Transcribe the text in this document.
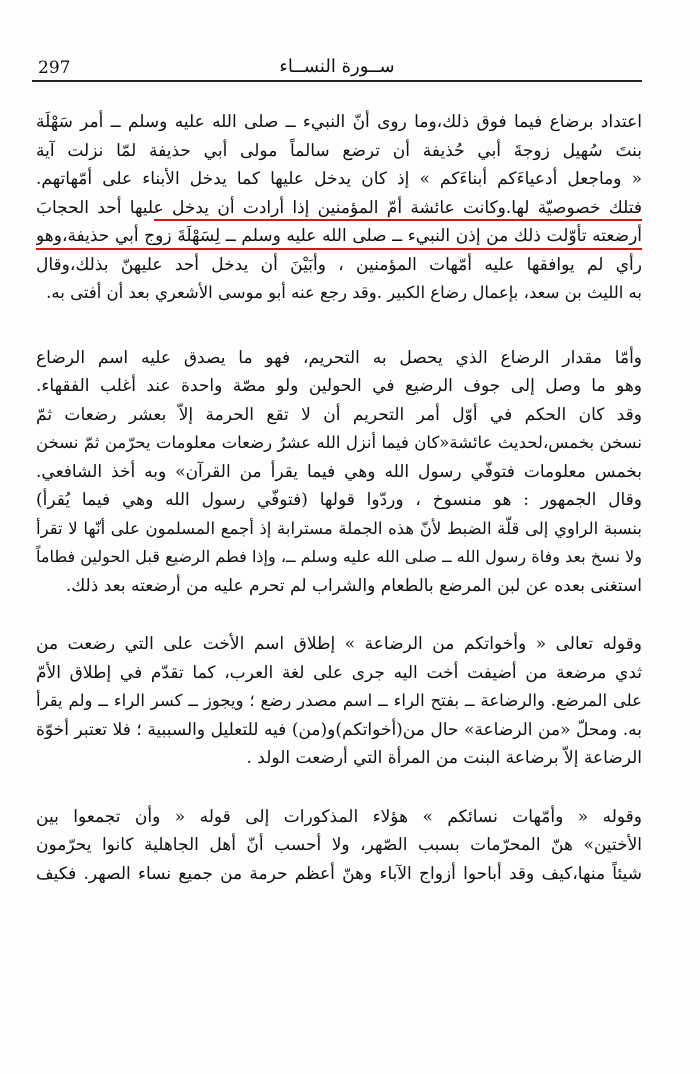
297	ســورة النســاء
اعتداد برضاع فيما فوق ذلك،وما روى أنّ النبيء ــ صلى الله عليه وسلم ــ أمر سَهْلَة
بنتَ سُهيل زوجةَ أبي حُذيفة أن ترضع سالماً مولى أبي حذيفة لمّا نزلت آية
« وماجعل أدعياءَكم أبناءَكم » إذ كان يدخل عليها كما يدخل الأبناء على أمّهاتهم.
فتلك خصوصيّة لها.وكانت عائشة أمّ المؤمنين إذا أرادت أن يدخل عليها أحد الحجابَ
أرضعته تأوّلت ذلك من إذن النبيء ــ صلى الله عليه وسلم ــ لِسَهْلَةَ زوج أبي حذيفة،وهو
رأي لم يوافقها عليه أمّهات المؤمنين ، وأبَيْنَ أن يدخل أحد عليهنّ بذلك،وقال
به الليث بن سعد، بإعمال رضاع الكبير .وقد رجع عنه أبو موسى الأشعري بعد أن أفتى به.
وأمّا مقدار الرضاع الذي يحصل به التحريم، فهو ما يصدق عليه اسم الرضاع
وهو ما وصل إلى جوف الرضيع في الحولين ولو مصّة واحدة عند أغلب الفقهاء.
وقد كان الحكم في أوّل أمر التحريم أن لا تقع الحرمة إلاّ بعشر رضعات ثمّ
نسخن بخمس،لحديث عائشة«كان فيما أنزل الله عشرُ رضعات معلومات يحرّمن ثمّ نسخن
بخمس معلومات فتوفّي رسول الله وهي فيما يقرأ من القرآن» وبه أخذ الشافعي.
وقال الجمهور : هو منسوخ ، وردّوا قولها (فتوفّي رسول الله وهي فيما يُقرأ)
بنسبة الراوي إلى قلّة الضبط لأنّ هذه الجملة مسترابة إذ أجمع المسلمون على أنّها لا تقرأ
ولا نسخ بعد وفاة رسول الله ــ صلى الله عليه وسلم ــ، وإذا فطم الرضيع قبل الحولين فطاماً
استغنى بعده عن لبن المرضع بالطعام والشراب لم تحرم عليه من أرضعته بعد ذلك.
وقوله تعالى « وأخواتكم من الرضاعة » إطلاق اسم الأخت على التي رضعت من
ثدي مرضعة من أضيفت أخت اليه جرى على لغة العرب، كما تقدّم في إطلاق الأمّ
على المرضع. والرضاعة ــ بفتح الراء ــ اسم مصدر رضع ؛ ويجوز ــ كسر الراء ــ ولم يقرأ
به. ومحلّ «من الرضاعة» حال من(أخواتكم)و(من) فيه للتعليل والسببية ؛ فلا تعتبر أخوّة
الرضاعة إلاّ برضاعة البنت من المرأة التي أرضعت الولد .
وقوله « وأمّهات نسائكم » هؤلاء المذكورات إلى قوله « وأن تجمعوا بين
الأختين» هنّ المحرّمات بسبب الصّهر، ولا أحسب أنّ أهل الجاهلية كانوا يحرّمون
شيئاً منها،كيف وقد أباحوا أزواج الآباء وهنّ أعظم حرمة من جميع نساء الصهر. فكيف
